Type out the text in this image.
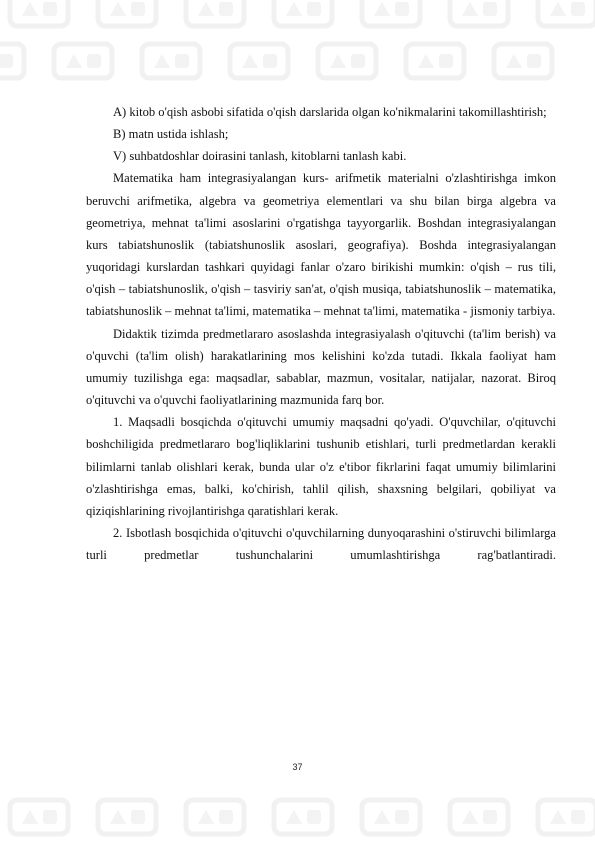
A) kitob o'qish asbobi sifatida o'qish darslarida olgan ko'nikmalarini takomillashtirish;

B) matn ustida ishlash;

V) suhbatdoshlar doirasini tanlash, kitoblarni tanlash kabi.

Matematika ham integrasiyalangan kurs- arifmetik materialni o'zlashtirishga imkon beruvchi arifmetika, algebra va geometriya elementlari va shu bilan birga algebra va geometriya, mehnat ta'limi asoslarini o'rgatishga tayyorgarlik. Boshdan integrasiyalangan kurs tabiatshunoslik (tabiatshunoslik asoslari, geografiya). Boshda integrasiyalangan yuqoridagi kurslardan tashkari quyidagi fanlar o'zaro birikishi mumkin: o'qish – rus tili, o'qish – tabiatshunoslik, o'qish – tasviriy san'at, o'qish musiqa, tabiatshunoslik – matematika, tabiatshunoslik – mehnat ta'limi, matematika – mehnat ta'limi, matematika - jismoniy tarbiya.

Didaktik tizimda predmetlararo asoslashda integrasiyalash o'qituvchi (ta'lim berish) va o'quvchi (ta'lim olish) harakatlarining mos kelishini ko'zda tutadi. Ikkala faoliyat ham umumiy tuzilishga ega: maqsadlar, sabablar, mazmun, vositalar, natijalar, nazorat. Biroq o'qituvchi va o'quvchi faoliyatlarining mazmunida farq bor.

1. Maqsadli bosqichda o'qituvchi umumiy maqsadni qo'yadi. O'quvchilar, o'qituvchi boshchiligida predmetlararo bog'liqliklarini tushunib etishlari, turli predmetlardan kerakli bilimlarni tanlab olishlari kerak, bunda ular o'z e'tibor fikrlarini faqat umumiy bilimlarini o'zlashtirishga emas, balki, ko'chirish, tahlil qilish, shaxsning belgilari, qobiliyat va qiziqishlarining rivojlantirishga qaratishlari kerak.

2. Isbotlash bosqichida o'qituvchi o'quvchilarning dunyoqarashini o'stiruvchi bilimlarga turli predmetlar tushunchalarini umumlashtirishga rag'batlantiradi.

37
